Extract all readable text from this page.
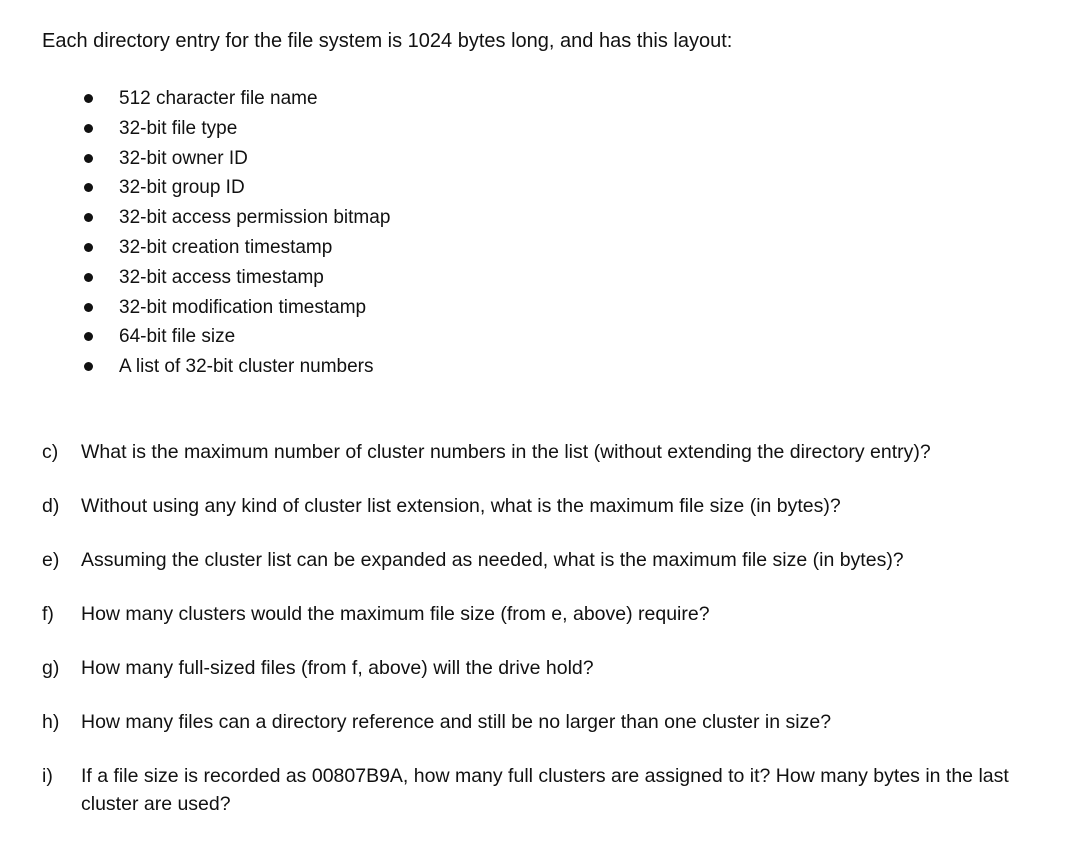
Each directory entry for the file system is 1024 bytes long, and has this layout:
512 character file name
32-bit file type
32-bit owner ID
32-bit group ID
32-bit access permission bitmap
32-bit creation timestamp
32-bit access timestamp
32-bit modification timestamp
64-bit file size
A list of 32-bit cluster numbers
c) What is the maximum number of cluster numbers in the list (without extending the directory entry)?
d) Without using any kind of cluster list extension, what is the maximum file size (in bytes)?
e) Assuming the cluster list can be expanded as needed, what is the maximum file size (in bytes)?
f) How many clusters would the maximum file size (from e, above) require?
g) How many full-sized files (from f, above) will the drive hold?
h) How many files can a directory reference and still be no larger than one cluster in size?
i) If a file size is recorded as 00807B9A, how many full clusters are assigned to it? How many bytes in the last cluster are used?
